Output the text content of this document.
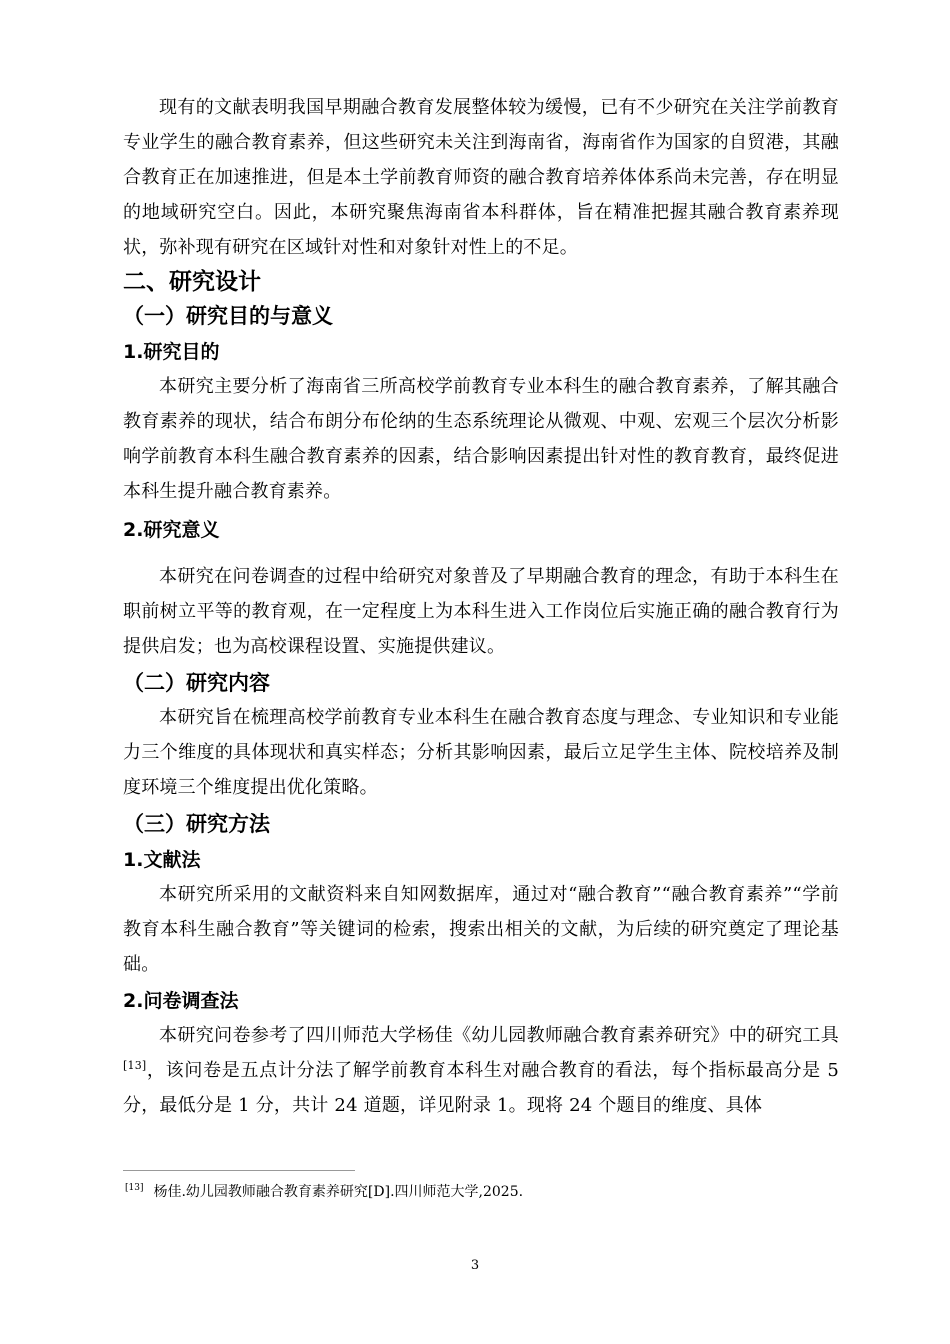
现有的文献表明我国早期融合教育发展整体较为缓慢，已有不少研究在关注学前教育专业学生的融合教育素养，但这些研究未关注到海南省，海南省作为国家的自贸港，其融合教育正在加速推进，但是本土学前教育师资的融合教育培养体体系尚未完善，存在明显的地域研究空白。因此，本研究聚焦海南省本科群体，旨在精准把握其融合教育素养现状，弥补现有研究在区域针对性和对象针对性上的不足。

二、研究设计
（一）研究目的与意义
1.研究目的

本研究主要分析了海南省三所高校学前教育专业本科生的融合教育素养，了解其融合教育素养的现状，结合布朗分布伦纳的生态系统理论从微观、中观、宏观三个层次分析影响学前教育本科生融合教育素养的因素，结合影响因素提出针对性的教育教育，最终促进本科生提升融合教育素养。

2.研究意义

本研究在问卷调查的过程中给研究对象普及了早期融合教育的理念，有助于本科生在职前树立平等的教育观，在一定程度上为本科生进入工作岗位后实施正确的融合教育行为提供启发；也为高校课程设置、实施提供建议。

（二）研究内容

本研究旨在梳理高校学前教育专业本科生在融合教育态度与理念、专业知识和专业能力三个维度的具体现状和真实样态；分析其影响因素，最后立足学生主体、院校培养及制度环境三个维度提出优化策略。

（三）研究方法
1.文献法

本研究所采用的文献资料来自知网数据库，通过对“融合教育”“融合教育素养”“学前教育本科生融合教育”等关键词的检索，搜索出相关的文献，为后续的研究奠定了理论基础。

2.问卷调查法

本研究问卷参考了四川师范大学杨佳《幼儿园教师融合教育素养研究》中的研究工具[13]，该问卷是五点计分法了解学前教育本科生对融合教育的看法，每个指标最高分是 5 分，最低分是 1 分，共计 24 道题，详见附录 1。现将 24 个题目的维度、具体

[13] 杨佳.幼儿园教师融合教育素养研究[D].四川师范大学,2025.
3
